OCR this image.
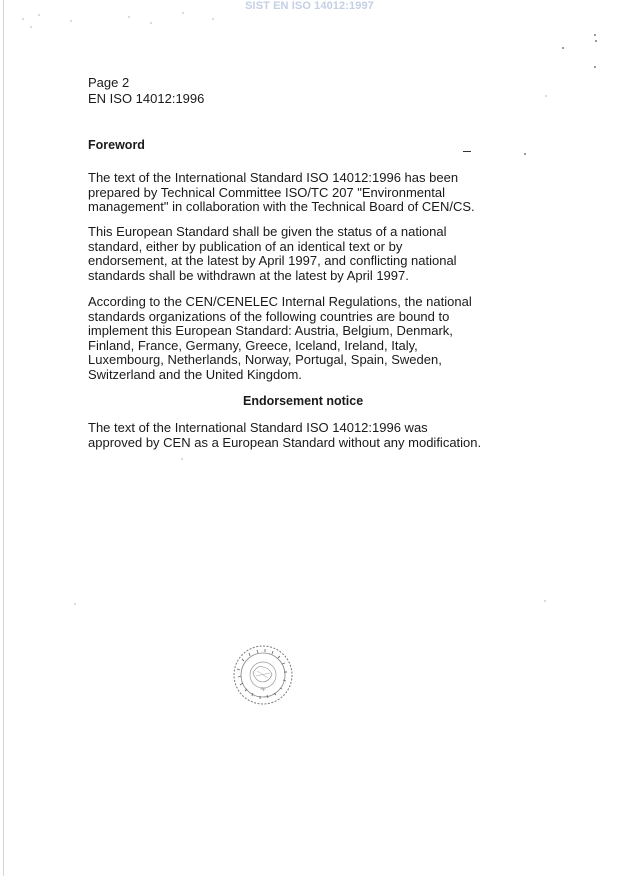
SIST EN ISO 14012:1997
Page 2
EN ISO 14012:1996
Foreword
The text of the International Standard ISO 14012:1996 has been
prepared by Technical Committee ISO/TC 207 "Environmental
management" in collaboration with the Technical Board of CEN/CS.
This European Standard shall be given the status of a national
standard, either by publication of an identical text or by
endorsement, at the latest by April 1997, and conflicting national
standards shall be withdrawn at the latest by April 1997.
According to the CEN/CENELEC Internal Regulations, the national
standards organizations of the following countries are bound to
implement this European Standard: Austria, Belgium, Denmark,
Finland, France, Germany, Greece, Iceland, Ireland, Italy,
Luxembourg, Netherlands, Norway, Portugal, Spain, Sweden,
Switzerland and the United Kingdom.
Endorsement notice
The text of the International Standard ISO 14012:1996 was
approved by CEN as a European Standard without any modification.
